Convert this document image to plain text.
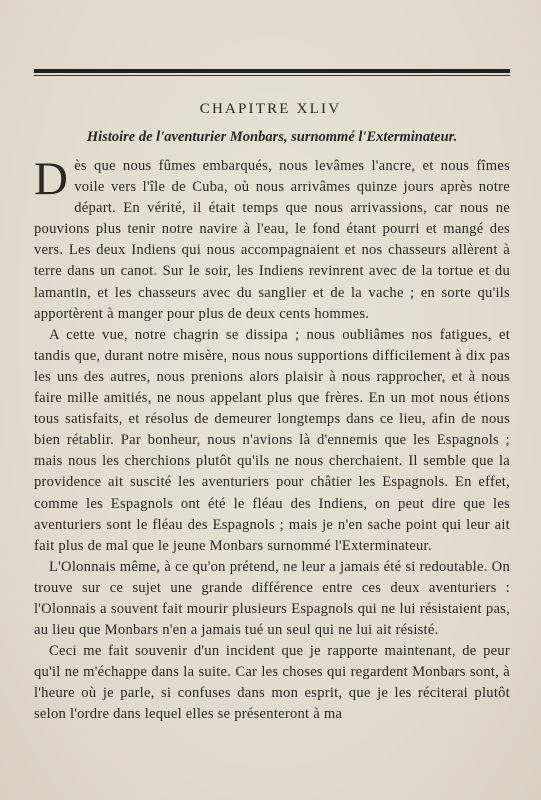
CHAPITRE XLIV
Histoire de l'aventurier Monbars, surnommé l'Exterminateur.

Dès que nous fûmes embarqués, nous levâmes l'ancre, et nous fîmes voile vers l'île de Cuba, où nous arrivâmes quinze jours après notre départ. En vérité, il était temps que nous arrivassions, car nous ne pouvions plus tenir notre navire à l'eau, le fond étant pourri et mangé des vers. Les deux Indiens qui nous accompagnaient et nos chasseurs allèrent à terre dans un canot. Sur le soir, les Indiens revinrent avec de la tortue et du lamantin, et les chasseurs avec du sanglier et de la vache ; en sorte qu'ils apportèrent à manger pour plus de deux cents hommes.

A cette vue, notre chagrin se dissipa ; nous oubliâmes nos fatigues, et tandis que, durant notre misère, nous nous supportions difficilement à dix pas les uns des autres, nous prenions alors plaisir à nous rapprocher, et à nous faire mille amitiés, ne nous appelant plus que frères. En un mot nous étions tous satisfaits, et résolus de demeurer longtemps dans ce lieu, afin de nous bien rétablir. Par bonheur, nous n'avions là d'ennemis que les Espagnols ; mais nous les cherchions plutôt qu'ils ne nous cherchaient. Il semble que la providence ait suscité les aventuriers pour châtier les Espagnols. En effet, comme les Espagnols ont été le fléau des Indiens, on peut dire que les aventuriers sont le fléau des Espagnols ; mais je n'en sache point qui leur ait fait plus de mal que le jeune Monbars surnommé l'Exterminateur.

L'Olonnais même, à ce qu'on prétend, ne leur a jamais été si redoutable. On trouve sur ce sujet une grande différence entre ces deux aventuriers : l'Olonnais a souvent fait mourir plusieurs Espagnols qui ne lui résistaient pas, au lieu que Monbars n'en a jamais tué un seul qui ne lui ait résisté.

Ceci me fait souvenir d'un incident que je rapporte maintenant, de peur qu'il ne m'échappe dans la suite. Car les choses qui regardent Monbars sont, à l'heure où je parle, si confuses dans mon esprit, que je les réciterai plutôt selon l'ordre dans lequel elles se présenteront à ma
